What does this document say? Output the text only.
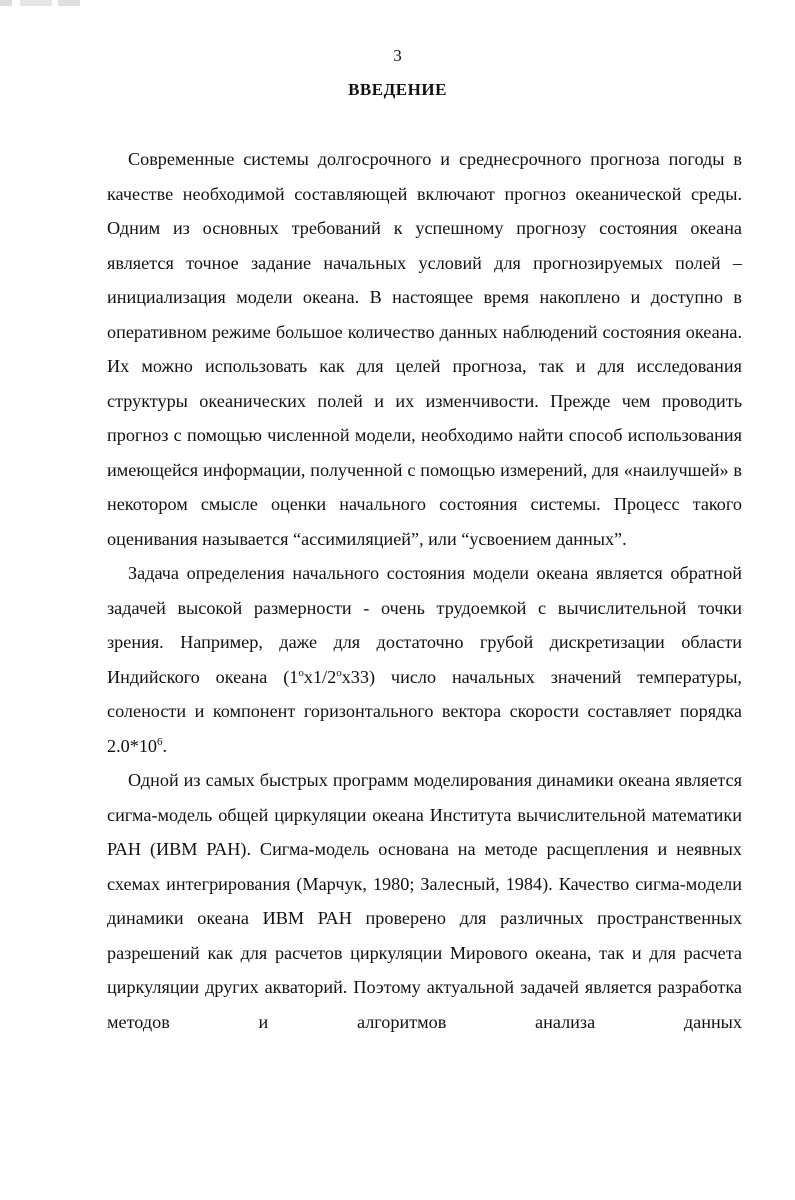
3
ВВЕДЕНИЕ

Современные системы долгосрочного и среднесрочного прогноза погоды в качестве необходимой составляющей включают прогноз океанической среды. Одним из основных требований к успешному прогнозу состояния океана является точное задание начальных условий для прогнозируемых полей – инициализация модели океана. В настоящее время накоплено и доступно в оперативном режиме большое количество данных наблюдений состояния океана. Их можно использовать как для целей прогноза, так и для исследования структуры океанических полей и их изменчивости. Прежде чем проводить прогноз с помощью численной модели, необходимо найти способ использования имеющейся информации, полученной с помощью измерений, для «наилучшей» в некотором смысле оценки начального состояния системы. Процесс такого оценивания называется “ассимиляцией”, или “усвоением данных”.

Задача определения начального состояния модели океана является обратной задачей высокой размерности - очень трудоемкой с вычислительной точки зрения. Например, даже для достаточно грубой дискретизации области Индийского океана (1$^o$x1/2$^o$x33) число начальных значений температуры, солености и компонент горизонтального вектора скорости составляет порядка $2.0*10^6$.

Одной из самых быстрых программ моделирования динамики океана является сигма-модель общей циркуляции океана Института вычислительной математики РАН (ИВМ РАН). Сигма-модель основана на методе расщепления и неявных схемах интегрирования (Марчук, 1980; Залесный, 1984). Качество сигма-модели динамики океана ИВМ РАН проверено для различных пространственных разрешений как для расчетов циркуляции Мирового океана, так и для расчета циркуляции других акваторий. Поэтому актуальной задачей является разработка методов и алгоритмов анализа данных
